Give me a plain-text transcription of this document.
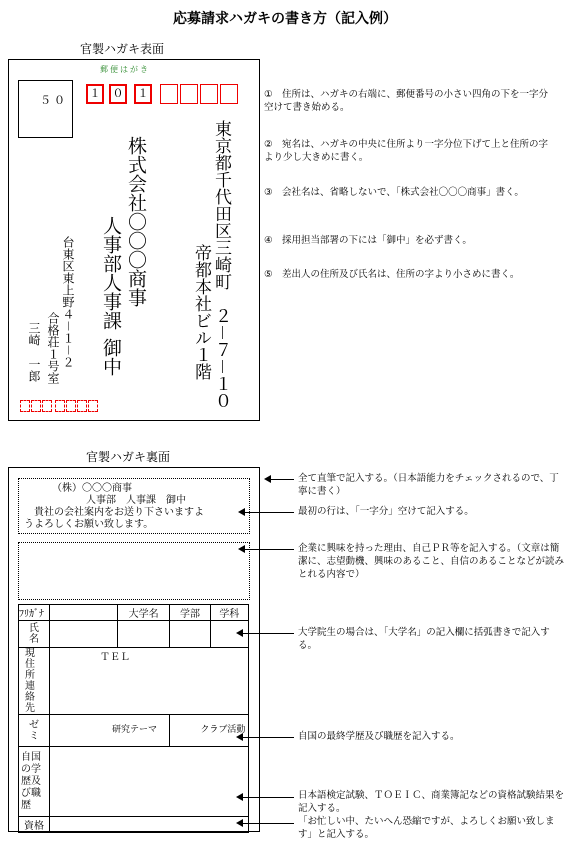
応募請求ハガキの書き方（記入例）
官製ハガキ表面
郵便はがき
５０
１	０	１
東京都千代田区三崎町　２－７－１０
帝都本社ビル１階
株式会社〇〇〇商事
人事部人事課
御中
台東区東上野４－１－２
合格荘１号室
三崎　一郎
①　住所は、ハガキの右端に、郵便番号の小さい四角の下を一字分空けて書き始める。
②　宛名は、ハガキの中央に住所より一字分位下げて上と住所の字より少し大きめに書く。
③　会社名は、省略しないで、「株式会社〇〇〇商事」書く。
④　採用担当部署の下には「御中」を必ず書く。
⑤　差出人の住所及び氏名は、住所の字より小さめに書く。
官製ハガキ裏面
（株）〇〇〇商事
人事部　人事課　御中
貴社の会社案内をお送り下さいますよ
うよろしくお願い致します。
ﾌﾘｶﾞﾅ		大学名	学部	学科
氏名				
現住所連絡先	ＴＥＬ			
ゼミ	研究テーマ		クラブ活動	
自国の学歴及び職歴				
資格				
全て直筆で記入する。（日本語能力をチェックされるので、丁寧に書く）
最初の行は、「一字分」空けて記入する。
企業に興味を持った理由、自己ＰＲ等を記入する。（文章は簡潔に、志望動機、興味のあること、自信のあることなどが読みとれる内容で）
大学院生の場合は、「大学名」の記入欄に括弧書きで記入する。
自国の最終学歴及び職歴を記入する。
日本語検定試験、ＴＯＥＩＣ、商業簿記などの資格試験結果を記入する。
「お忙しい中、たいへん恐縮ですが、よろしくお願い致します」と記入する。
